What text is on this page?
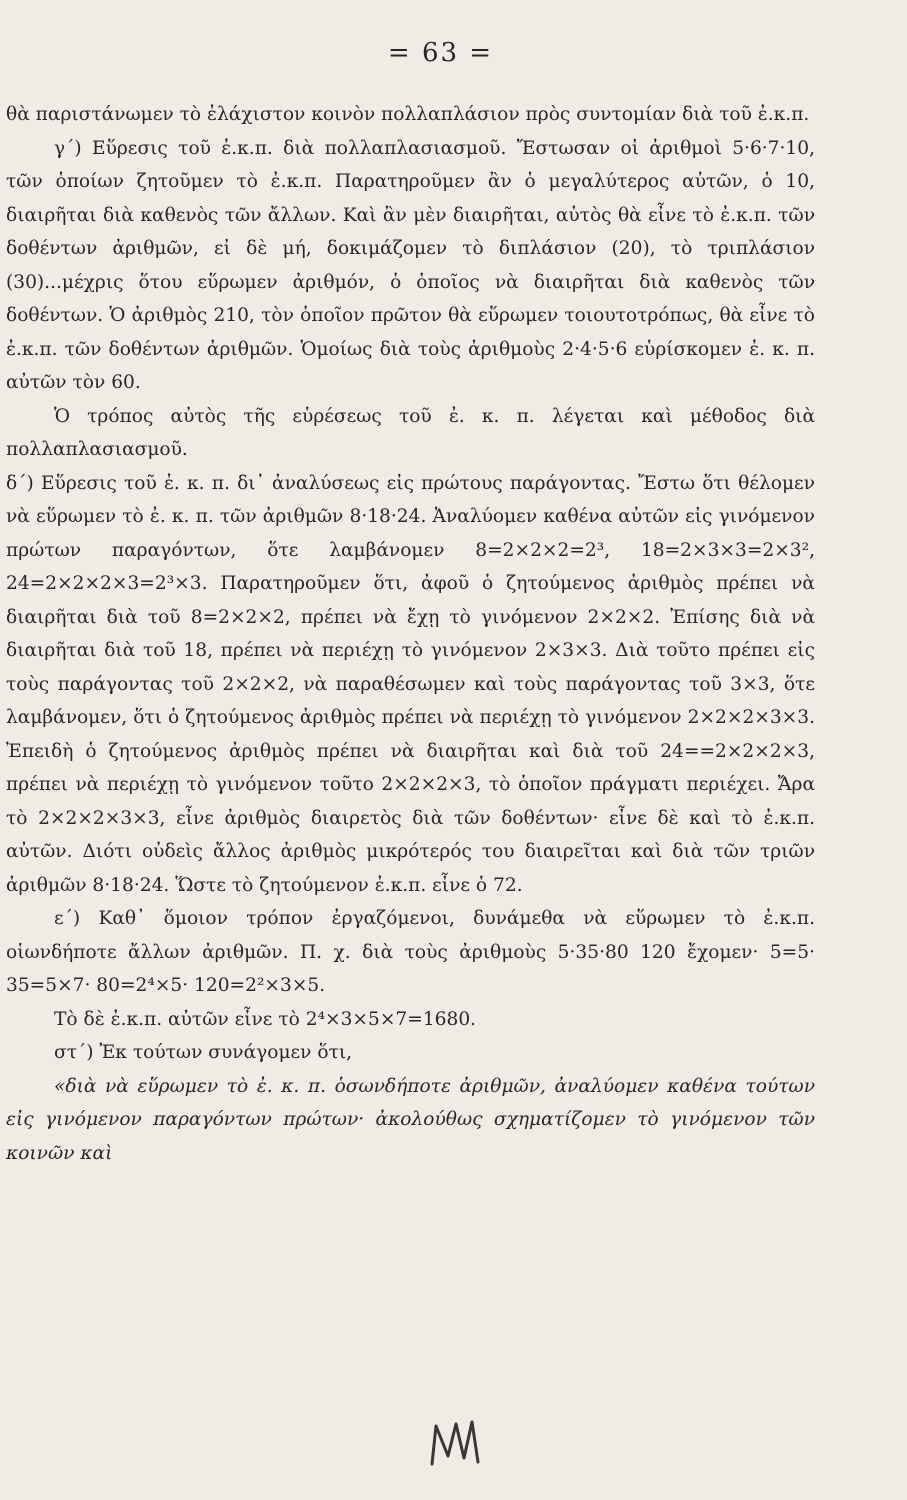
= 63 =

θὰ παριστάνωμεν τὸ ἐλάχιστον κοινὸν πολλαπλάσιον πρὸς συντομίαν διὰ τοῦ ἐ.κ.π.

γ΄) Εὕρεσις τοῦ ἐ.κ.π. διὰ πολλαπλασιασμοῦ. Ἔστωσαν οἱ ἀριθμοὶ 5·6·7·10, τῶν ὁποίων ζητοῦμεν τὸ ἐ.κ.π. Παρατηροῦμεν ἂν ὁ μεγαλύτερος αὐτῶν, ὁ 10, διαιρῆται διὰ καθενὸς τῶν ἄλλων. Καὶ ἂν μὲν διαιρῆται, αὐτὸς θὰ εἶνε τὸ ἐ.κ.π. τῶν δοθέντων ἀριθμῶν, εἰ δὲ μή, δοκιμάζομεν τὸ διπλάσιον (20), τὸ τριπλάσιον (30)...μέχρις ὅτου εὕρωμεν ἀριθμόν, ὁ ὁποῖος νὰ διαιρῆται διὰ καθενὸς τῶν δοθέντων. Ὁ ἀριθμὸς 210, τὸν ὁποῖον πρῶτον θὰ εὕρωμεν τοιουτοτρόπως, θὰ εἶνε τὸ ἐ.κ.π. τῶν δοθέντων ἀριθμῶν. Ὁμοίως διὰ τοὺς ἀριθμοὺς 2·4·5·6 εὑρίσκομεν ἐ. κ. π. αὐτῶν τὸν 60.

Ὁ τρόπος αὐτὸς τῆς εὑρέσεως τοῦ ἐ. κ. π. λέγεται καὶ μέθοδος διὰ πολλαπλασιασμοῦ.

δ΄) Εὕρεσις τοῦ ἐ. κ. π. δι᾽ ἀναλύσεως εἰς πρώτους παράγοντας. Ἔστω ὅτι θέλομεν νὰ εὕρωμεν τὸ ἐ. κ. π. τῶν ἀριθμῶν 8·18·24. Ἀναλύομεν καθένα αὐτῶν εἰς γινόμενον πρώτων παραγόντων, ὅτε λαμβάνομεν 8=2×2×2=2³, 18=2×3×3=2×3², 24=2×2×2×3=2³×3. Παρατηροῦμεν ὅτι, ἀφοῦ ὁ ζητούμενος ἀριθμὸς πρέπει νὰ διαιρῆται διὰ τοῦ 8=2×2×2, πρέπει νὰ ἔχῃ τὸ γινόμενον 2×2×2. Ἐπίσης διὰ νὰ διαιρῆται διὰ τοῦ 18, πρέπει νὰ περιέχῃ τὸ γινόμενον 2×3×3. Διὰ τοῦτο πρέπει εἰς τοὺς παράγοντας τοῦ 2×2×2, νὰ παραθέσωμεν καὶ τοὺς παράγοντας τοῦ 3×3, ὅτε λαμβάνομεν, ὅτι ὁ ζητούμενος ἀριθμὸς πρέπει νὰ περιέχῃ τὸ γινόμενον 2×2×2×3×3. Ἐπειδὴ ὁ ζητούμενος ἀριθμὸς πρέπει νὰ διαιρῆται καὶ διὰ τοῦ 24==2×2×2×3, πρέπει νὰ περιέχῃ τὸ γινόμενον τοῦτο 2×2×2×3, τὸ ὁποῖον πράγματι περιέχει. Ἄρα τὸ 2×2×2×3×3, εἶνε ἀριθμὸς διαιρετὸς διὰ τῶν δοθέντων· εἶνε δὲ καὶ τὸ ἐ.κ.π. αὐτῶν. Διότι οὐδεὶς ἄλλος ἀριθμὸς μικρότερός του διαιρεῖται καὶ διὰ τῶν τριῶν ἀριθμῶν 8·18·24. Ὥστε τὸ ζητούμενον ἐ.κ.π. εἶνε ὁ 72.

ε΄) Καθ᾽ ὅμοιον τρόπον ἐργαζόμενοι, δυνάμεθα νὰ εὕρωμεν τὸ ἐ.κ.π. οἱωνδήποτε ἄλλων ἀριθμῶν. Π. χ. διὰ τοὺς ἀριθμοὺς 5·35·80 120 ἔχομεν· 5=5· 35=5×7· 80=2⁴×5· 120=2²×3×5.

Τὸ δὲ ἐ.κ.π. αὐτῶν εἶνε τὸ 2⁴×3×5×7=1680.

στ΄) Ἐκ τούτων συνάγομεν ὅτι,

«διὰ νὰ εὕρωμεν τὸ ἐ. κ. π. ὁσωνδήποτε ἀριθμῶν, ἀναλύομεν καθένα τούτων εἰς γινόμενον παραγόντων πρώτων· ἀκολούθως σχηματίζομεν τὸ γινόμενον τῶν κοινῶν καὶ
